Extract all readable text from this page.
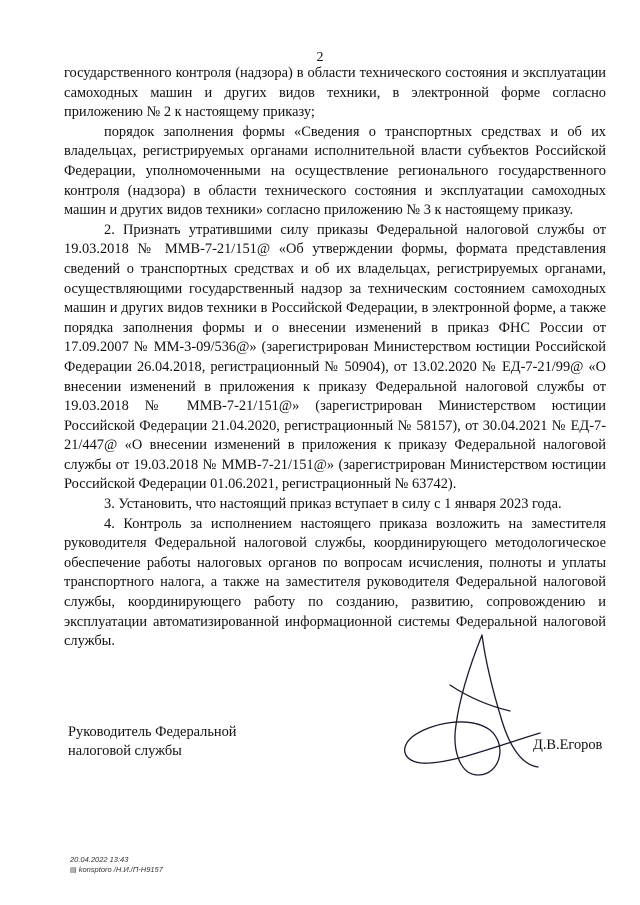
2

государственного контроля (надзора) в области технического состояния и эксплуатации самоходных машин и других видов техники, в электронной форме согласно приложению № 2 к настоящему приказу;

порядок заполнения формы «Сведения о транспортных средствах и об их владельцах, регистрируемых органами исполнительной власти субъектов Российской Федерации, уполномоченными на осуществление регионального государственного контроля (надзора) в области технического состояния и эксплуатации самоходных машин и других видов техники» согласно приложению № 3 к настоящему приказу.

2. Признать утратившими силу приказы Федеральной налоговой службы от 19.03.2018 № ММВ-7-21/151@ «Об утверждении формы, формата представления сведений о транспортных средствах и об их владельцах, регистрируемых органами, осуществляющими государственный надзор за техническим состоянием самоходных машин и других видов техники в Российской Федерации, в электронной форме, а также порядка заполнения формы и о внесении изменений в приказ ФНС России от 17.09.2007 № ММ-3-09/536@» (зарегистрирован Министерством юстиции Российской Федерации 26.04.2018, регистрационный № 50904), от 13.02.2020 № ЕД-7-21/99@ «О внесении изменений в приложения к приказу Федеральной налоговой службы от 19.03.2018 № ММВ-7-21/151@» (зарегистрирован Министерством юстиции Российской Федерации 21.04.2020, регистрационный № 58157), от 30.04.2021 № ЕД-7-21/447@ «О внесении изменений в приложения к приказу Федеральной налоговой службы от 19.03.2018 № ММВ-7-21/151@» (зарегистрирован Министерством юстиции Российской Федерации 01.06.2021, регистрационный № 63742).

3. Установить, что настоящий приказ вступает в силу с 1 января 2023 года.

4. Контроль за исполнением настоящего приказа возложить на заместителя руководителя Федеральной налоговой службы, координирующего методологическое обеспечение работы налоговых органов по вопросам исчисления, полноты и уплаты транспортного налога, а также на заместителя руководителя Федеральной налоговой службы, координирующего работу по созданию, развитию, сопровождению и эксплуатации автоматизированной информационной системы Федеральной налоговой службы.

Руководитель Федеральной
налоговой службы	Д.В.Егоров
20.04.2022 13:43
▤ konsptoro /Н.И./П-Н9157
